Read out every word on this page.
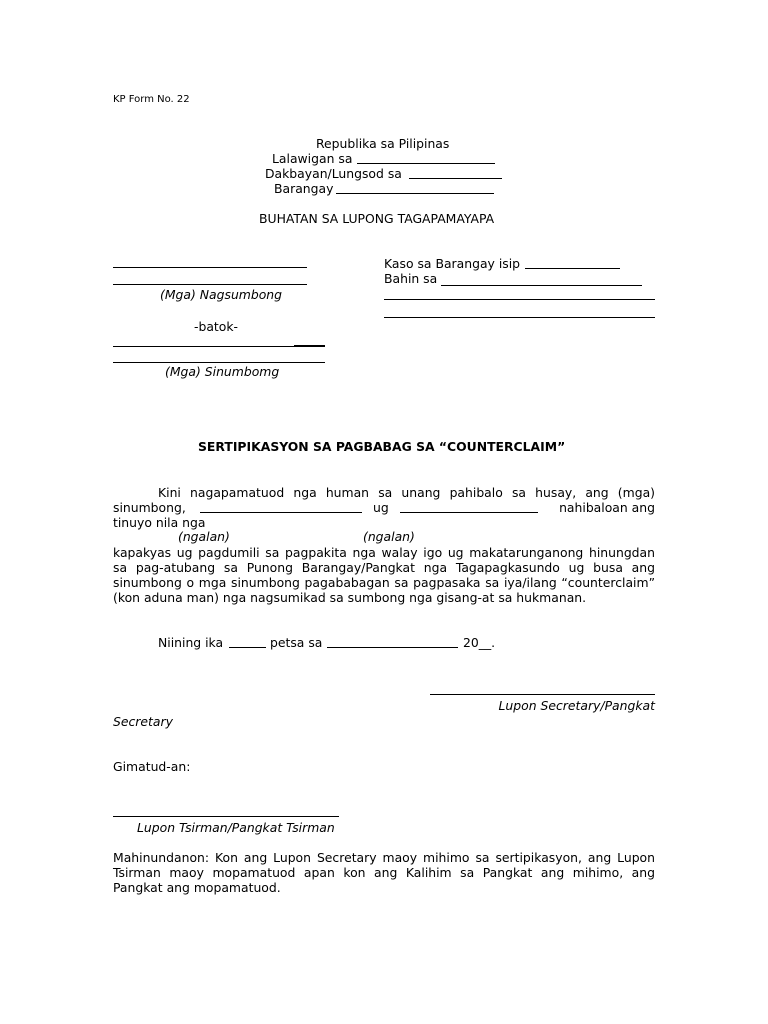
KP Form No. 22
Republika sa Pilipinas
Lalawigan sa
Dakbayan/Lungsod sa
Barangay
BUHATAN SA LUPONG TAGAPAMAYAPA
(Mga) Nagsumbong
-batok-
(Mga) Sinumbomg
Kaso sa Barangay isip
Bahin sa
SERTIPIKASYON SA PAGBABAG SA “COUNTERCLAIM”
Kini nagapamatuod nga human sa unang pahibalo sa husay, ang (mga)
sinumbong,	ug	nahibaloan ang
tinuyo nila nga
(ngalan)	(ngalan)
kapakyas ug pagdumili sa pagpakita nga walay igo ug makatarunganong hinungdan sa pag-atubang sa Punong Barangay/Pangkat nga Tagapagkasundo ug busa ang sinumbong o mga sinumbong pagababagan sa pagpasaka sa iya/ilang “counterclaim” (kon aduna man) nga nagsumikad sa sumbong nga gisang-at sa hukmanan.
Niining ika	petsa sa	20__.
Lupon Secretary/Pangkat
Secretary
Gimatud-an:
Lupon Tsirman/Pangkat Tsirman
Mahinundanon: Kon ang Lupon Secretary maoy mihimo sa sertipikasyon, ang Lupon Tsirman maoy mopamatuod apan kon ang Kalihim sa Pangkat ang mihimo, ang Pangkat ang mopamatuod.
